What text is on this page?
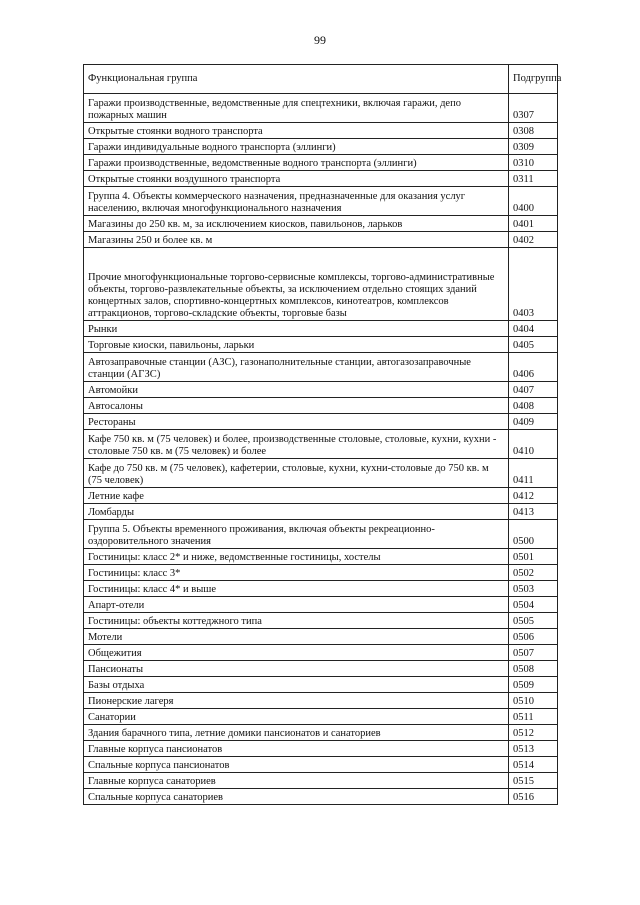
99
Функциональная группа	Подгруппа
Гаражи производственные, ведомственные для спецтехники, включая гаражи, депо пожарных машин	0307
Открытые стоянки водного транспорта	0308
Гаражи индивидуальные водного транспорта (эллинги)	0309
Гаражи производственные, ведомственные водного транспорта (эллинги)	0310
Открытые стоянки воздушного транспорта	0311
Группа 4. Объекты коммерческого назначения, предназначенные для оказания услуг населению, включая многофункционального назначения	0400
Магазины до 250 кв. м, за исключением киосков, павильонов, ларьков	0401
Магазины 250 и более кв. м	0402
Прочие многофункциональные торгово-сервисные комплексы, торгово-административные объекты, торгово-развлекательные объекты, за исключением отдельно стоящих зданий концертных залов, спортивно-концертных комплексов, кинотеатров, комплексов аттракционов, торгово-складские объекты, торговые базы	0403
Рынки	0404
Торговые киоски, павильоны, ларьки	0405
Автозаправочные станции (АЗС), газонаполнительные станции, автогазозаправочные станции (АГЗС)	0406
Автомойки	0407
Автосалоны	0408
Рестораны	0409
Кафе 750 кв. м (75 человек) и более, производственные столовые, столовые, кухни, кухни - столовые 750 кв. м (75 человек) и более	0410
Кафе до 750 кв. м (75 человек), кафетерии, столовые, кухни, кухни-столовые до 750 кв. м (75 человек)	0411
Летние кафе	0412
Ломбарды	0413
Группа 5. Объекты временного проживания, включая объекты рекреационно-оздоровительного значения	0500
Гостиницы: класс 2* и ниже, ведомственные гостиницы, хостелы	0501
Гостиницы: класс 3*	0502
Гостиницы: класс 4* и выше	0503
Апарт-отели	0504
Гостиницы: объекты коттеджного типа	0505
Мотели	0506
Общежития	0507
Пансионаты	0508
Базы отдыха	0509
Пионерские лагеря	0510
Санатории	0511
Здания барачного типа, летние домики пансионатов и санаториев	0512
Главные корпуса пансионатов	0513
Спальные корпуса пансионатов	0514
Главные корпуса санаториев	0515
Спальные корпуса санаториев	0516
